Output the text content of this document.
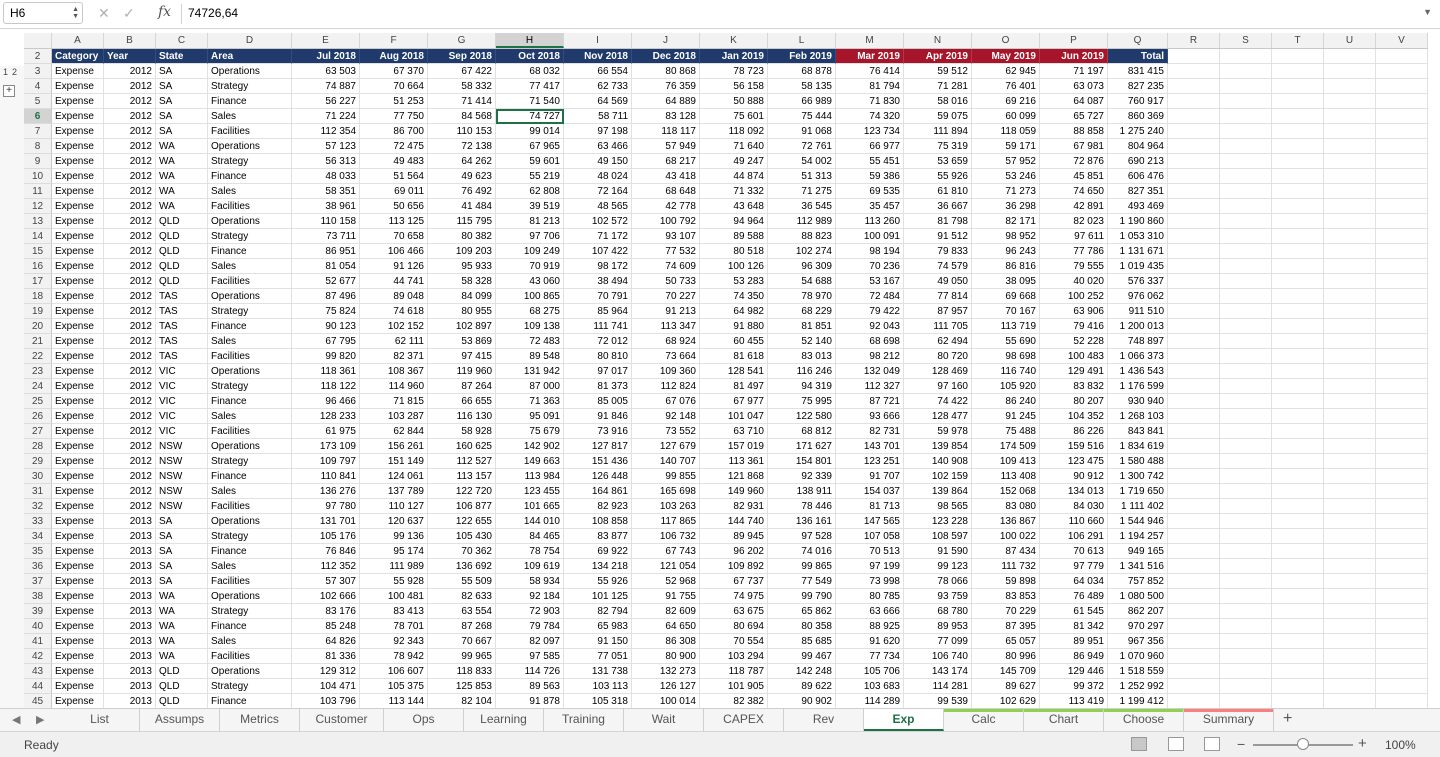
H6	▲
▼ ✕ ✓ fx 74726,64	▼
1 2
+
A	B	C	D	E	F	G	H	I	J	K	L	M	N	O	P	Q	R	S	T	U	V
2
3
4
5
6
7
8
9
10
11
12
13
14
15
16
17
18
19
20
21
22
23
24
25
26
27
28
29
30
31
32
33
34
35
36
37
38
39
40
41
42
43
44
45
Category Year	State	Area	Jul 2018	Aug 2018	Sep 2018	Oct 2018	Nov 2018	Dec 2018	Jan 2019	Feb 2019	Mar 2019	Apr 2019	May 2019	Jun 2019	Total
Expense	2012 SA	Operations	63 503	67 370	67 422	68 032	66 554	80 868	78 723	68 878	76 414	59 512	62 945	71 197	831 415
Expense	2012 SA	Strategy	74 887	70 664	58 332	77 417	62 733	76 359	56 158	58 135	81 794	71 281	76 401	63 073	827 235
Expense	2012 SA	Finance	56 227	51 253	71 414	71 540	64 569	64 889	50 888	66 989	71 830	58 016	69 216	64 087	760 917
Expense	2012 SA	Sales	71 224	77 750	84 568	74 727	58 711	83 128	75 601	75 444	74 320	59 075	60 099	65 727	860 369
Expense	2012 SA	Facilities	112 354	86 700	110 153	99 014	97 198	118 117	118 092	91 068	123 734	111 894	118 059	88 858	1 275 240
Expense	2012 WA	Operations	57 123	72 475	72 138	67 965	63 466	57 949	71 640	72 761	66 977	75 319	59 171	67 981	804 964
Expense	2012 WA	Strategy	56 313	49 483	64 262	59 601	49 150	68 217	49 247	54 002	55 451	53 659	57 952	72 876	690 213
Expense	2012 WA	Finance	48 033	51 564	49 623	55 219	48 024	43 418	44 874	51 313	59 386	55 926	53 246	45 851	606 476
Expense	2012 WA	Sales	58 351	69 011	76 492	62 808	72 164	68 648	71 332	71 275	69 535	61 810	71 273	74 650	827 351
Expense	2012 WA	Facilities	38 961	50 656	41 484	39 519	48 565	42 778	43 648	36 545	35 457	36 667	36 298	42 891	493 469
Expense	2012 QLD	Operations	110 158	113 125	115 795	81 213	102 572	100 792	94 964	112 989	113 260	81 798	82 171	82 023	1 190 860
Expense	2012 QLD	Strategy	73 711	70 658	80 382	97 706	71 172	93 107	89 588	88 823	100 091	91 512	98 952	97 611	1 053 310
Expense	2012 QLD	Finance	86 951	106 466	109 203	109 249	107 422	77 532	80 518	102 274	98 194	79 833	96 243	77 786	1 131 671
Expense	2012 QLD	Sales	81 054	91 126	95 933	70 919	98 172	74 609	100 126	96 309	70 236	74 579	86 816	79 555	1 019 435
Expense	2012 QLD	Facilities	52 677	44 741	58 328	43 060	38 494	50 733	53 283	54 688	53 167	49 050	38 095	40 020	576 337
Expense	2012 TAS	Operations	87 496	89 048	84 099	100 865	70 791	70 227	74 350	78 970	72 484	77 814	69 668	100 252	976 062
Expense	2012 TAS	Strategy	75 824	74 618	80 955	68 275	85 964	91 213	64 982	68 229	79 422	87 957	70 167	63 906	911 510
Expense	2012 TAS	Finance	90 123	102 152	102 897	109 138	111 741	113 347	91 880	81 851	92 043	111 705	113 719	79 416	1 200 013
Expense	2012 TAS	Sales	67 795	62 111	53 869	72 483	72 012	68 924	60 455	52 140	68 698	62 494	55 690	52 228	748 897
Expense	2012 TAS	Facilities	99 820	82 371	97 415	89 548	80 810	73 664	81 618	83 013	98 212	80 720	98 698	100 483	1 066 373
Expense	2012 VIC	Operations	118 361	108 367	119 960	131 942	97 017	109 360	128 541	116 246	132 049	128 469	116 740	129 491	1 436 543
Expense	2012 VIC	Strategy	118 122	114 960	87 264	87 000	81 373	112 824	81 497	94 319	112 327	97 160	105 920	83 832	1 176 599
Expense	2012 VIC	Finance	96 466	71 815	66 655	71 363	85 005	67 076	67 977	75 995	87 721	74 422	86 240	80 207	930 940
Expense	2012 VIC	Sales	128 233	103 287	116 130	95 091	91 846	92 148	101 047	122 580	93 666	128 477	91 245	104 352	1 268 103
Expense	2012 VIC	Facilities	61 975	62 844	58 928	75 679	73 916	73 552	63 710	68 812	82 731	59 978	75 488	86 226	843 841
Expense	2012 NSW	Operations	173 109	156 261	160 625	142 902	127 817	127 679	157 019	171 627	143 701	139 854	174 509	159 516	1 834 619
Expense	2012 NSW	Strategy	109 797	151 149	112 527	149 663	151 436	140 707	113 361	154 801	123 251	140 908	109 413	123 475	1 580 488
Expense	2012 NSW	Finance	110 841	124 061	113 157	113 984	126 448	99 855	121 868	92 339	91 707	102 159	113 408	90 912	1 300 742
Expense	2012 NSW	Sales	136 276	137 789	122 720	123 455	164 861	165 698	149 960	138 911	154 037	139 864	152 068	134 013	1 719 650
Expense	2012 NSW	Facilities	97 780	110 127	106 877	101 665	82 923	103 263	82 931	78 446	81 713	98 565	83 080	84 030	1 111 402
Expense	2013 SA	Operations	131 701	120 637	122 655	144 010	108 858	117 865	144 740	136 161	147 565	123 228	136 867	110 660	1 544 946
Expense	2013 SA	Strategy	105 176	99 136	105 430	84 465	83 877	106 732	89 945	97 528	107 058	108 597	100 022	106 291	1 194 257
Expense	2013 SA	Finance	76 846	95 174	70 362	78 754	69 922	67 743	96 202	74 016	70 513	91 590	87 434	70 613	949 165
Expense	2013 SA	Sales	112 352	111 989	136 692	109 619	134 218	121 054	109 892	99 865	97 199	99 123	111 732	97 779	1 341 516
Expense	2013 SA	Facilities	57 307	55 928	55 509	58 934	55 926	52 968	67 737	77 549	73 998	78 066	59 898	64 034	757 852
Expense	2013 WA	Operations	102 666	100 481	82 633	92 184	101 125	91 755	74 975	99 790	80 785	93 759	83 853	76 489	1 080 500
Expense	2013 WA	Strategy	83 176	83 413	63 554	72 903	82 794	82 609	63 675	65 862	63 666	68 780	70 229	61 545	862 207
Expense	2013 WA	Finance	85 248	78 701	87 268	79 784	65 983	64 650	80 694	80 358	88 925	89 953	87 395	81 342	970 297
Expense	2013 WA	Sales	64 826	92 343	70 667	82 097	91 150	86 308	70 554	85 685	91 620	77 099	65 057	89 951	967 356
Expense	2013 WA	Facilities	81 336	78 942	99 965	97 585	77 051	80 900	103 294	99 467	77 734	106 740	80 996	86 949	1 070 960
Expense	2013 QLD	Operations	129 312	106 607	118 833	114 726	131 738	132 273	118 787	142 248	105 706	143 174	145 709	129 446	1 518 559
Expense	2013 QLD	Strategy	104 471	105 375	125 853	89 563	103 113	126 127	101 905	89 622	103 683	114 281	89 627	99 372	1 252 992
Expense	2013 QLD	Finance	103 796	113 144	82 104	91 878	105 318	100 014	82 382	90 902	114 289	99 539	102 629	113 419	1 199 412
◀ ▶	List	Assumps	Metrics	Customer	Ops	Learning	Training	Wait	CAPEX	Rev	Exp	Calc	Chart	Choose	Summary	+
Ready	−	+ 100%
